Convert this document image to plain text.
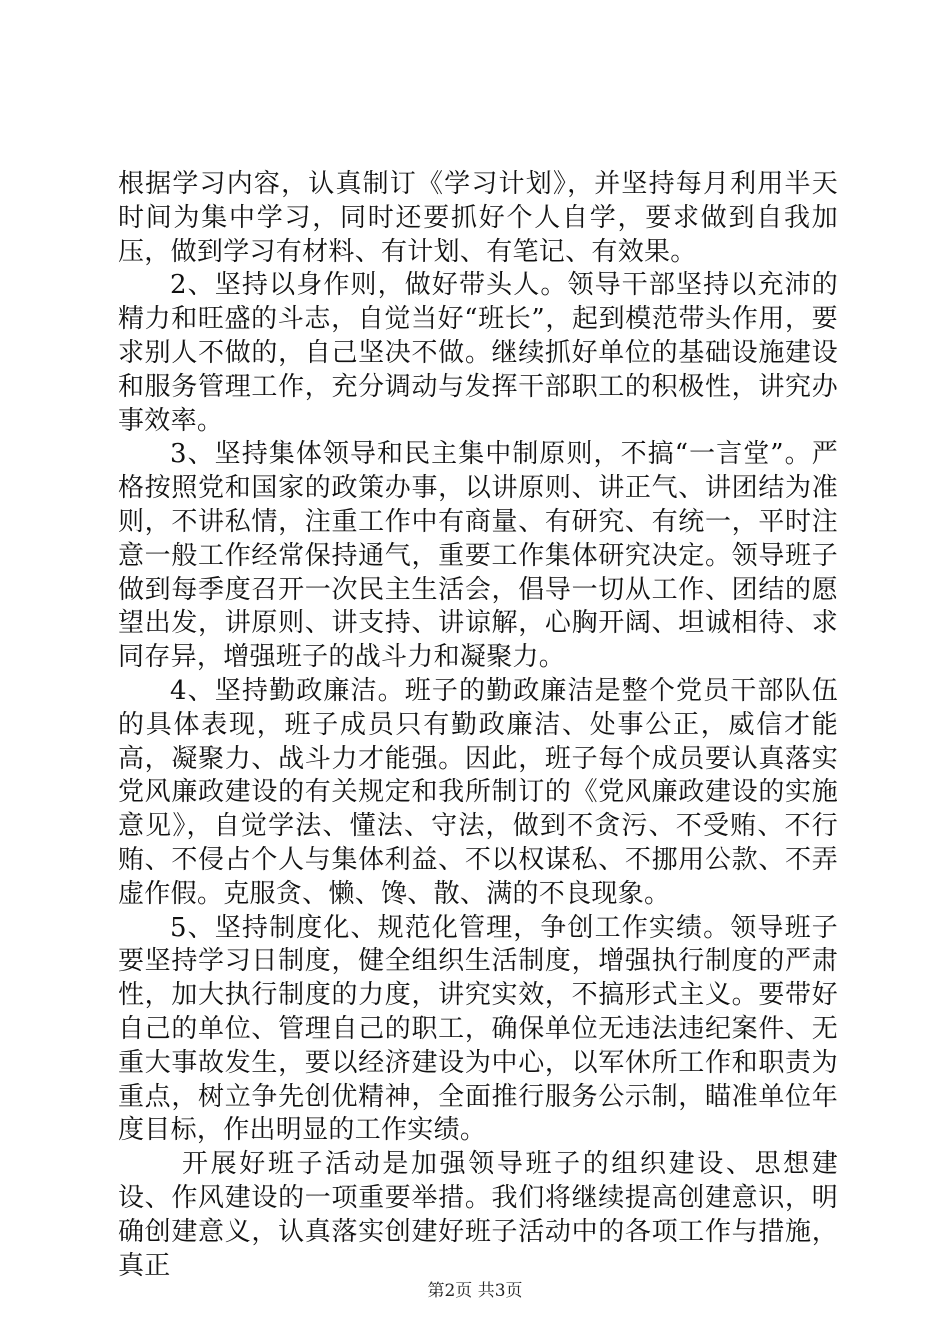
根据学习内容，认真制订《学习计划》，并坚持每月利用半天时间为集中学习，同时还要抓好个人自学，要求做到自我加压，做到学习有材料、有计划、有笔记、有效果。

2、坚持以身作则，做好带头人。领导干部坚持以充沛的精力和旺盛的斗志，自觉当好“班长”，起到模范带头作用，要求别人不做的，自己坚决不做。继续抓好单位的基础设施建设和服务管理工作，充分调动与发挥干部职工的积极性，讲究办事效率。

3、坚持集体领导和民主集中制原则，不搞“一言堂”。严格按照党和国家的政策办事，以讲原则、讲正气、讲团结为准则，不讲私情，注重工作中有商量、有研究、有统一，平时注意一般工作经常保持通气，重要工作集体研究决定。领导班子做到每季度召开一次民主生活会，倡导一切从工作、团结的愿望出发，讲原则、讲支持、讲谅解，心胸开阔、坦诚相待、求同存异，增强班子的战斗力和凝聚力。

4、坚持勤政廉洁。班子的勤政廉洁是整个党员干部队伍的具体表现，班子成员只有勤政廉洁、处事公正，威信才能高，凝聚力、战斗力才能强。因此，班子每个成员要认真落实党风廉政建设的有关规定和我所制订的《党风廉政建设的实施意见》，自觉学法、懂法、守法，做到不贪污、不受贿、不行贿、不侵占个人与集体利益、不以权谋私、不挪用公款、不弄虚作假。克服贪、懒、馋、散、满的不良现象。

5、坚持制度化、规范化管理，争创工作实绩。领导班子要坚持学习日制度，健全组织生活制度，增强执行制度的严肃性，加大执行制度的力度，讲究实效，不搞形式主义。要带好自己的单位、管理自己的职工，确保单位无违法违纪案件、无重大事故发生，要以经济建设为中心，以军休所工作和职责为重点，树立争先创优精神，全面推行服务公示制，瞄准单位年度目标，作出明显的工作实绩。

开展好班子活动是加强领导班子的组织建设、思想建设、作风建设的一项重要举措。我们将继续提高创建意识，明确创建意义，认真落实创建好班子活动中的各项工作与措施，真正

第2页 共3页
